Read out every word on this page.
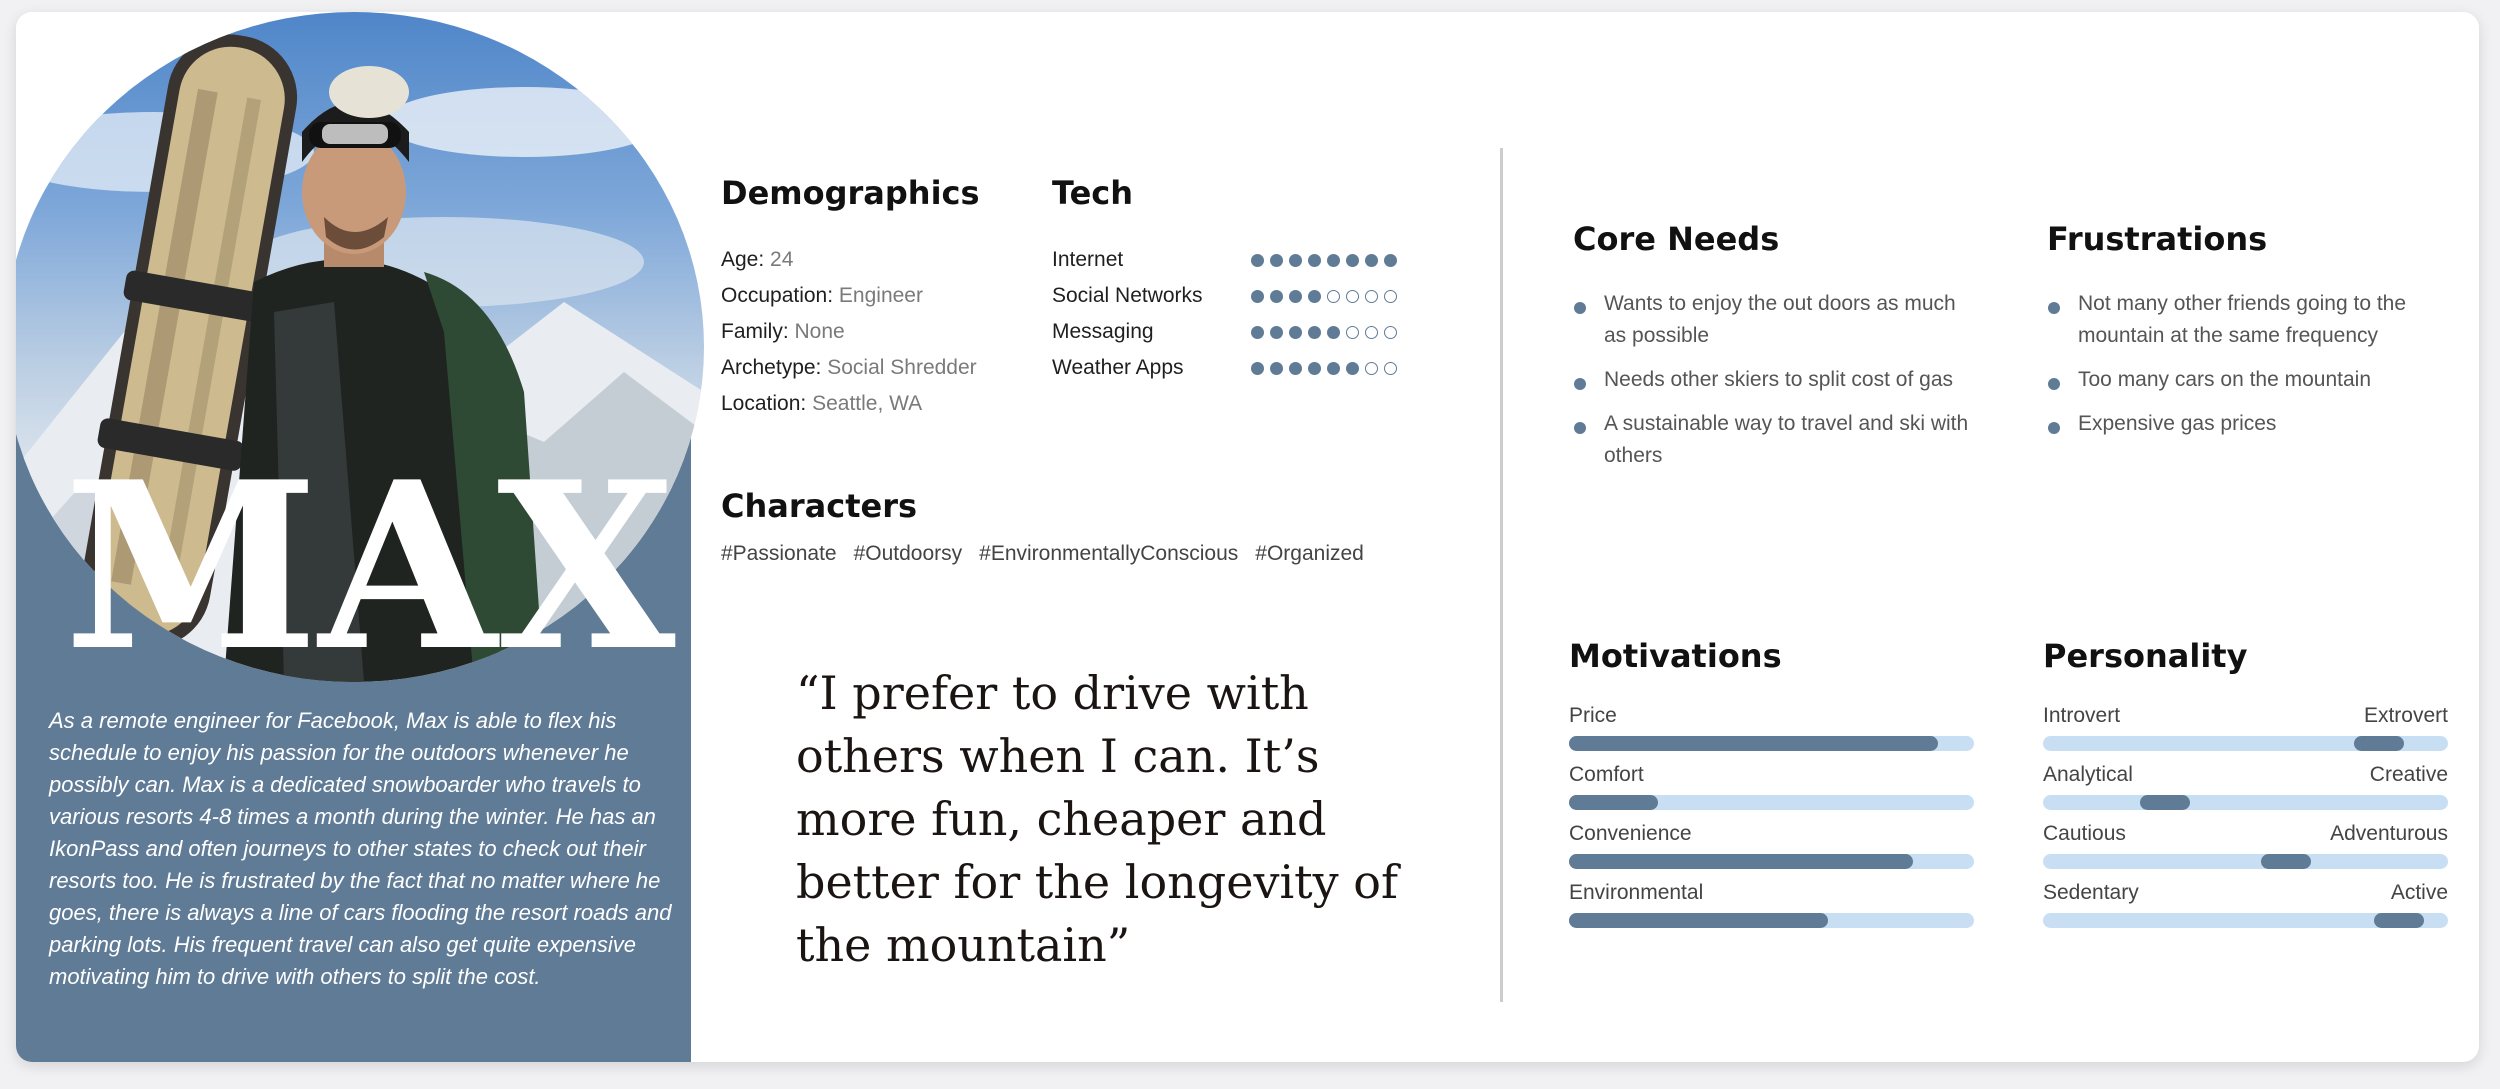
MAX
As a remote engineer for Facebook, Max is able to flex his schedule to enjoy his passion for the outdoors whenever he possibly can. Max is a dedicated snowboarder who travels to various resorts 4-8 times a month during the winter. He has an IkonPass and often journeys to other states to check out their resorts too. He is frustrated by the fact that no matter where he goes, there is always a line of cars flooding the resort roads and parking lots. His frequent travel can also get quite expensive motivating him to drive with others to split the cost.
Demographics
Age: 24
Occupation: Engineer
Family: None
Archetype: Social Shredder
Location: Seattle, WA
Tech
Internet
Social Networks
Messaging
Weather Apps
Characters
#Passionate #Outdoorsy #EnvironmentallyConscious #Organized
“I prefer to drive with others when I can. It’s more fun, cheaper and better for the longevity of the mountain”
Core Needs
Wants to enjoy the out doors as much as possible
Needs other skiers to split cost of gas
A sustainable way to travel and ski with others
Frustrations
Not many other friends going to the mountain at the same frequency
Too many cars on the mountain
Expensive gas prices
Motivations
Price
Comfort
Convenience
Environmental
Personality
Introvert	Extrovert
Analytical	Creative
Cautious	Adventurous
Sedentary	Active
